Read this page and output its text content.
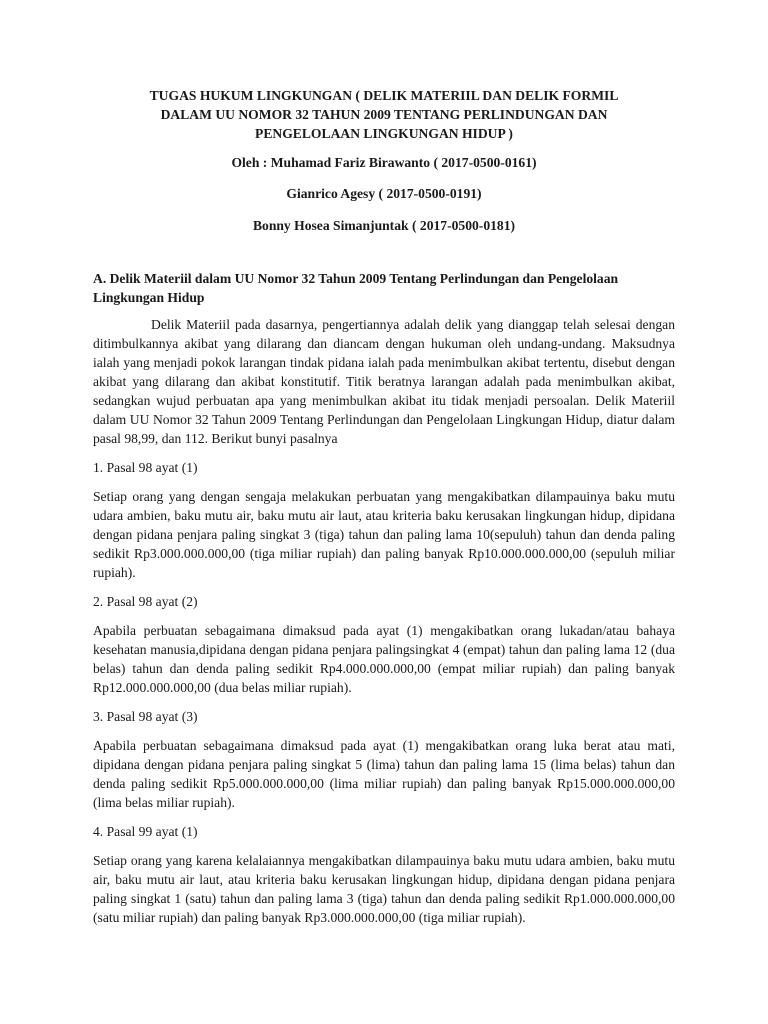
TUGAS HUKUM LINGKUNGAN ( DELIK MATERIIL DAN DELIK FORMIL

DALAM UU NOMOR 32 TAHUN 2009 TENTANG PERLINDUNGAN DAN

PENGELOLAAN LINGKUNGAN HIDUP )

Oleh : Muhamad Fariz Birawanto ( 2017-0500-0161)

Gianrico Agesy ( 2017-0500-0191)

Bonny Hosea Simanjuntak ( 2017-0500-0181)

A. Delik Materiil dalam UU Nomor 32 Tahun 2009 Tentang Perlindungan dan Pengelolaan Lingkungan Hidup

Delik Materiil pada dasarnya, pengertiannya adalah delik yang dianggap telah selesai dengan ditimbulkannya akibat yang dilarang dan diancam dengan hukuman oleh undang-undang. Maksudnya ialah yang menjadi pokok larangan tindak pidana ialah pada menimbulkan akibat tertentu, disebut dengan akibat yang dilarang dan akibat konstitutif. Titik beratnya larangan adalah pada menimbulkan akibat, sedangkan wujud perbuatan apa yang menimbulkan akibat itu tidak menjadi persoalan. Delik Materiil dalam UU Nomor 32 Tahun 2009 Tentang Perlindungan dan Pengelolaan Lingkungan Hidup, diatur dalam pasal 98,99, dan 112. Berikut bunyi pasalnya

1. Pasal 98 ayat (1)

Setiap orang yang dengan sengaja melakukan perbuatan yang mengakibatkan dilampauinya baku mutu udara ambien, baku mutu air, baku mutu air laut, atau kriteria baku kerusakan lingkungan hidup, dipidana dengan pidana penjara paling singkat 3 (tiga) tahun dan paling lama 10(sepuluh) tahun dan denda paling sedikit Rp3.000.000.000,00 (tiga miliar rupiah) dan paling banyak Rp10.000.000.000,00 (sepuluh miliar rupiah).

2. Pasal 98 ayat (2)

Apabila perbuatan sebagaimana dimaksud pada ayat (1) mengakibatkan orang lukadan/atau bahaya kesehatan manusia,dipidana dengan pidana penjara palingsingkat 4 (empat) tahun dan paling lama 12 (dua belas) tahun dan denda paling sedikit Rp4.000.000.000,00 (empat miliar rupiah) dan paling banyak Rp12.000.000.000,00 (dua belas miliar rupiah).

3. Pasal 98 ayat (3)

Apabila perbuatan sebagaimana dimaksud pada ayat (1) mengakibatkan orang luka berat atau mati, dipidana dengan pidana penjara paling singkat 5 (lima) tahun dan paling lama 15 (lima belas) tahun dan denda paling sedikit Rp5.000.000.000,00 (lima miliar rupiah) dan paling banyak Rp15.000.000.000,00 (lima belas miliar rupiah).

4. Pasal 99 ayat (1)

Setiap orang yang karena kelalaiannya mengakibatkan dilampauinya baku mutu udara ambien, baku mutu air, baku mutu air laut, atau kriteria baku kerusakan lingkungan hidup, dipidana dengan pidana penjara paling singkat 1 (satu) tahun dan paling lama 3 (tiga) tahun dan denda paling sedikit Rp1.000.000.000,00 (satu miliar rupiah) dan paling banyak Rp3.000.000.000,00 (tiga miliar rupiah).
